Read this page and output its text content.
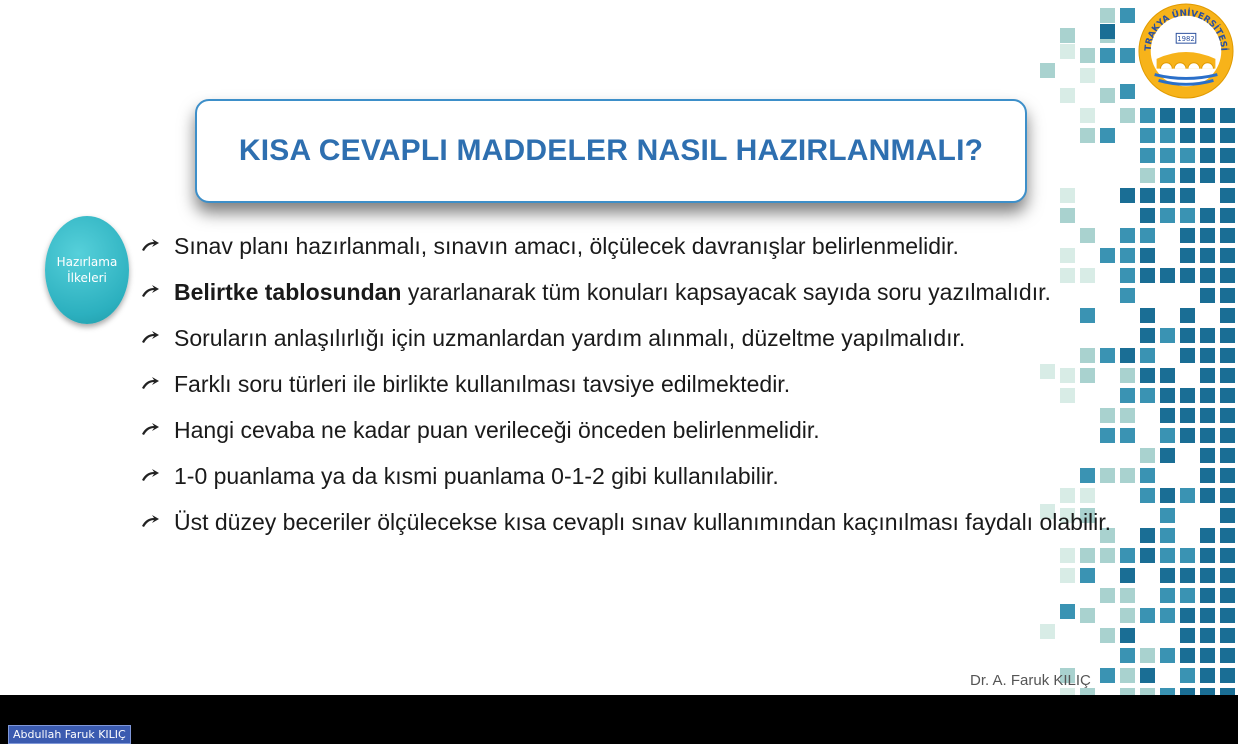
TRAKYA ÜNİVERSİTESİ
1982
KISA CEVAPLI MADDELER NASIL HAZIRLANMALI?
Hazırlama
İlkeleri
Sınav planı hazırlanmalı, sınavın amacı, ölçülecek davranışlar belirlenmelidir.
Belirtke tablosundan yararlanarak tüm konuları kapsayacak sayıda soru yazılmalıdır.
Soruların anlaşılırlığı için uzmanlardan yardım alınmalı, düzeltme yapılmalıdır.
Farklı soru türleri ile birlikte kullanılması tavsiye edilmektedir.
Hangi cevaba ne kadar puan verileceği önceden belirlenmelidir.
1-0 puanlama ya da kısmi puanlama 0-1-2 gibi kullanılabilir.
Üst düzey beceriler ölçülecekse kısa cevaplı sınav kullanımından kaçınılması faydalı olabilir.
Dr. A. Faruk KILIÇ
Abdullah Faruk KILIÇ
